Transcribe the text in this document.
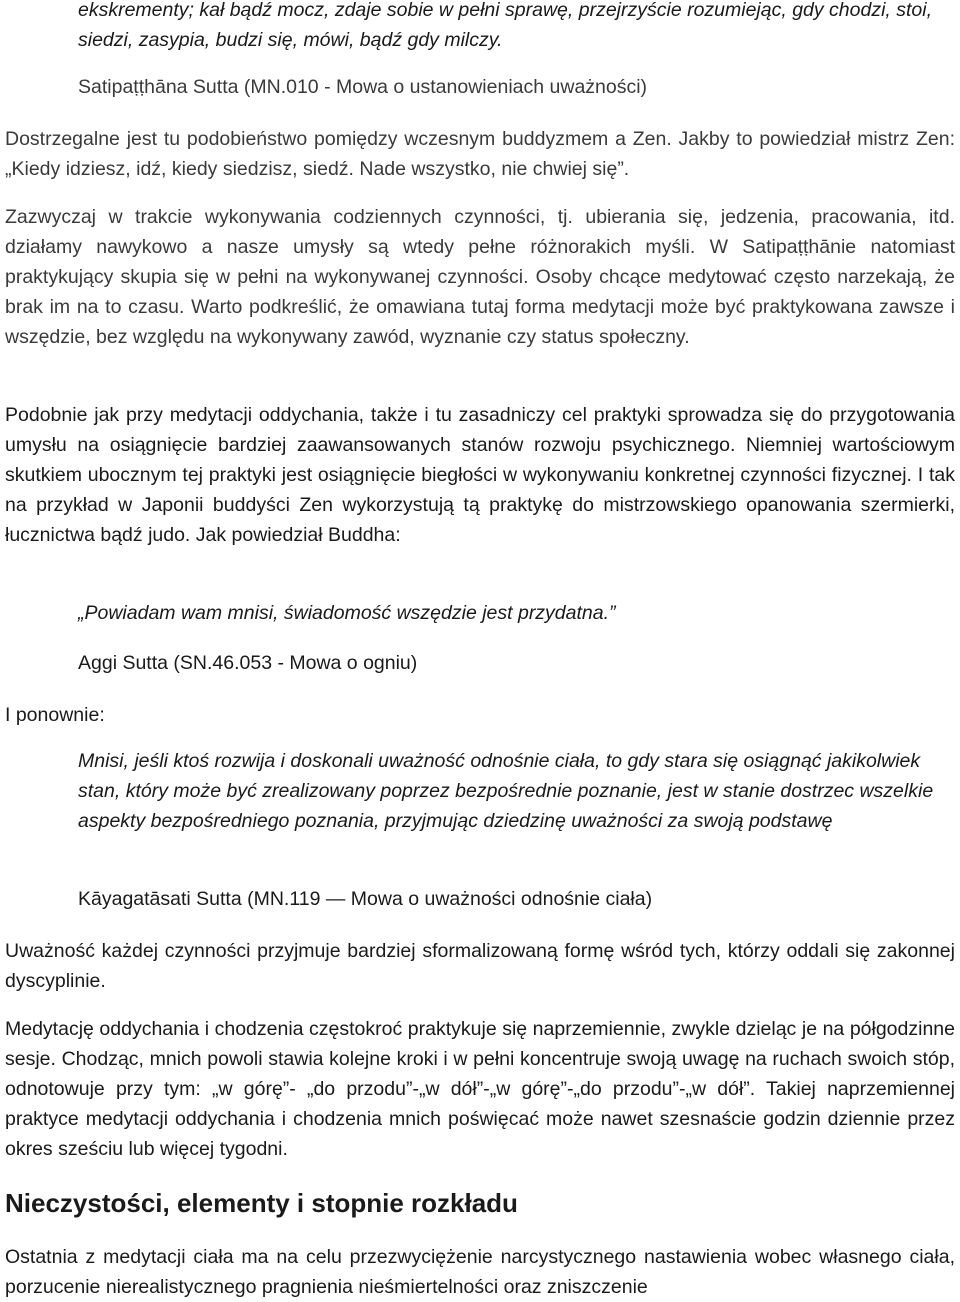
ekskrementy; kał bądź mocz, zdaje sobie w pełni sprawę, przejrzyście rozumiejąc, gdy chodzi, stoi, siedzi, zasypia, budzi się, mówi, bądź gdy milczy.

Satipaṭṭhāna Sutta (MN.010 - Mowa o ustanowieniach uważności)

Dostrzegalne jest tu podobieństwo pomiędzy wczesnym buddyzmem a Zen. Jakby to powiedział mistrz Zen: „Kiedy idziesz, idź, kiedy siedzisz, siedź. Nade wszystko, nie chwiej się”.

Zazwyczaj w trakcie wykonywania codziennych czynności, tj. ubierania się, jedzenia, pracowania, itd. działamy nawykowo a nasze umysły są wtedy pełne różnorakich myśli. W Satipaṭṭhānie natomiast praktykujący skupia się w pełni na wykonywanej czynności. Osoby chcące medytować często narzekają, że brak im na to czasu. Warto podkreślić, że omawiana tutaj forma medytacji może być praktykowana zawsze i wszędzie, bez względu na wykonywany zawód, wyznanie czy status społeczny.

Podobnie jak przy medytacji oddychania, także i tu zasadniczy cel praktyki sprowadza się do przygotowania umysłu na osiągnięcie bardziej zaawansowanych stanów rozwoju psychicznego. Niemniej wartościowym skutkiem ubocznym tej praktyki jest osiągnięcie biegłości w wykonywaniu konkretnej czynności fizycznej. I tak na przykład w Japonii buddyści Zen wykorzystują tą praktykę do mistrzowskiego opanowania szermierki, łucznictwa bądź judo. Jak powiedział Buddha:

„Powiadam wam mnisi, świadomość wszędzie jest przydatna.”

Aggi Sutta (SN.46.053 - Mowa o ogniu)

I ponownie:

Mnisi, jeśli ktoś rozwija i doskonali uważność odnośnie ciała, to gdy stara się osiągnąć jakikolwiek stan, który może być zrealizowany poprzez bezpośrednie poznanie, jest w stanie dostrzec wszelkie aspekty bezpośredniego poznania, przyjmując dziedzinę uważności za swoją podstawę

Kāyagatāsati Sutta (MN.119 — Mowa o uważności odnośnie ciała)

Uważność każdej czynności przyjmuje bardziej sformalizowaną formę wśród tych, którzy oddali się zakonnej dyscyplinie.

Medytację oddychania i chodzenia częstokroć praktykuje się naprzemiennie, zwykle dzieląc je na półgodzinne sesje. Chodząc, mnich powoli stawia kolejne kroki i w pełni koncentruje swoją uwagę na ruchach swoich stóp, odnotowuje przy tym: „w górę”- „do przodu”-„w dół”-„w górę”-„do przodu”-„w dół”. Takiej naprzemiennej praktyce medytacji oddychania i chodzenia mnich poświęcać może nawet szesnaście godzin dziennie przez okres sześciu lub więcej tygodni.

Nieczystości, elementy i stopnie rozkładu

Ostatnia z medytacji ciała ma na celu przezwyciężenie narcystycznego nastawienia wobec własnego ciała, porzucenie nierealistycznego pragnienia nieśmiertelności oraz zniszczenie
